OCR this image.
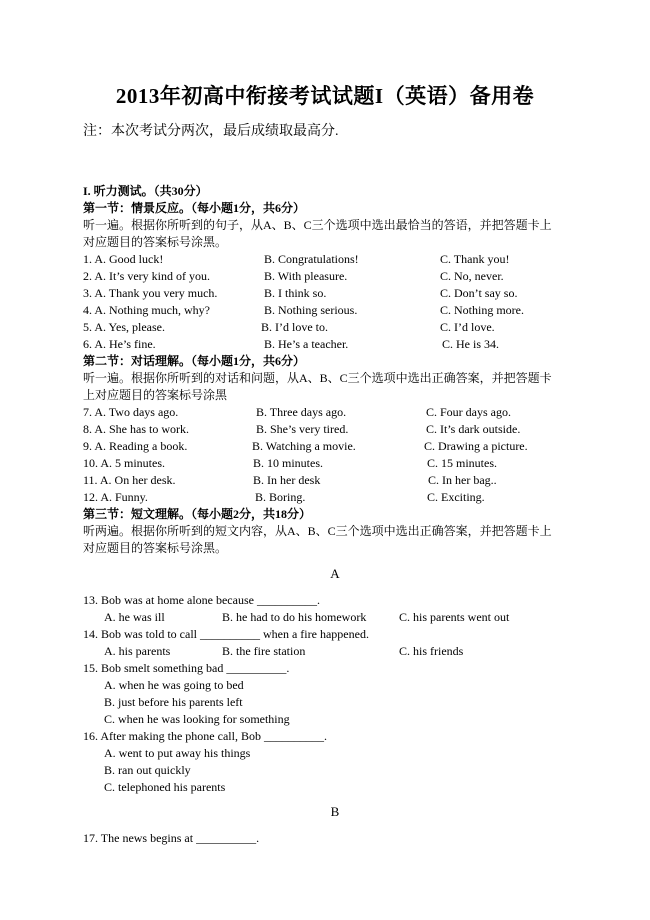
2013年初高中衔接考试试题I（英语）备用卷
注：本次考试分两次，最后成绩取最高分.
I. 听力测试。（共30分）
第一节：情景反应。（每小题1分，共6分）
听一遍。根据你所听到的句子，从A、B、C三个选项中选出最恰当的答语，并把答题卡上
对应题目的答案标号涂黑。
1. A. Good luck!	B. Congratulations!	C. Thank you!
2. A. It’s very kind of you.	B. With pleasure.	C. No, never.
3. A. Thank you very much.	B. I think so.	C. Don’t say so.
4. A. Nothing much, why?	B. Nothing serious.	C. Nothing more.
5. A. Yes, please.	B. I’d love to.	C. I’d love.
6. A. He’s fine.	B. He’s a teacher.	C. He is 34.
第二节：对话理解。（每小题1分，共6分）
听一遍。根据你所听到的对话和问题，从A、B、C三个选项中选出正确答案，并把答题卡
上对应题目的答案标号涂黑
7. A. Two days ago.	B. Three days ago.	C. Four days ago.
8. A. She has to work.	B. She’s very tired.	C. It’s dark outside.
9. A. Reading a book.	B. Watching a movie.	C. Drawing a picture.
10. A. 5 minutes.	B. 10 minutes.	C. 15 minutes.
11. A. On her desk.	B. In her desk	C. In her bag..
12. A. Funny.	B. Boring.	C. Exciting.
第三节：短文理解。（每小题2分，共18分）
听两遍。根据你所听到的短文内容，从A、B、C三个选项中选出正确答案，并把答题卡上
对应题目的答案标号涂黑。
A
13. Bob was at home alone because __________.
A. he was ill	B. he had to do his homework	C. his parents went out
14. Bob was told to call __________ when a fire happened.
A. his parents	B. the fire station	C. his friends
15. Bob smelt something bad __________.
A. when he was going to bed
B. just before his parents left
C. when he was looking for something
16. After making the phone call, Bob __________.
A. went to put away his things
B. ran out quickly
C. telephoned his parents
B
17. The news begins at __________.
